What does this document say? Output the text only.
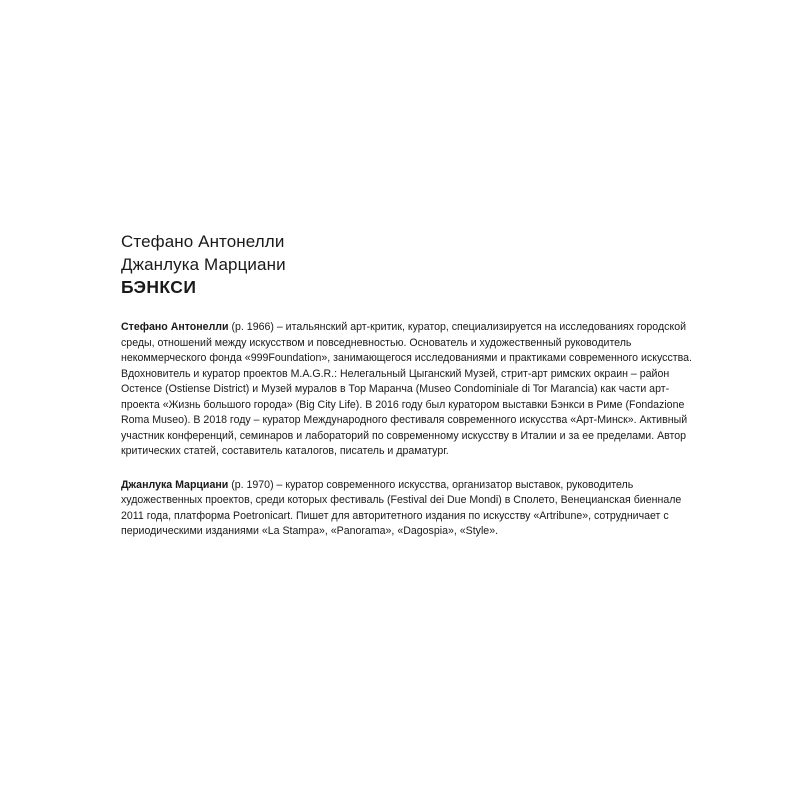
Стефано Антонелли

Джанлука Марциани

БЭНКСИ

Стефано Антонелли (р. 1966) – итальянский арт-критик, куратор, специализируется на исследованиях городской среды, отношений между искусством и повседневностью. Основатель и художественный руководитель некоммерческого фонда «999Foundation», занимающегося исследованиями и практиками современного искусства. Вдохновитель и куратор проектов M.A.G.R.: Нелегальный Цыганский Музей, стрит-арт римских окраин – район Остенсе (Ostiense District) и Музей муралов в Тор Маранча (Museo Condominiale di Tor Marancia) как части арт-проекта «Жизнь большого города» (Big City Life). В 2016 году был куратором выставки Бэнкси в Риме (Fondazione Roma Museo). В 2018 году – куратор Международного фестиваля современного искусства «Арт-Минск». Активный участник конференций, семинаров и лабораторий по современному искусству в Италии и за ее пределами. Автор критических статей, составитель каталогов, писатель и драматург.

Джанлука Марциани (р. 1970) – куратор современного искусства, организатор выставок, руководитель художественных проектов, среди которых фестиваль (Festival dei Due Mondi) в Сполето, Венецианская биеннале 2011 года, платформа Poetronicart. Пишет для авторитетного издания по искусству «Artribune», сотрудничает с периодическими изданиями «La Stampa», «Panorama», «Dagospia», «Style».
